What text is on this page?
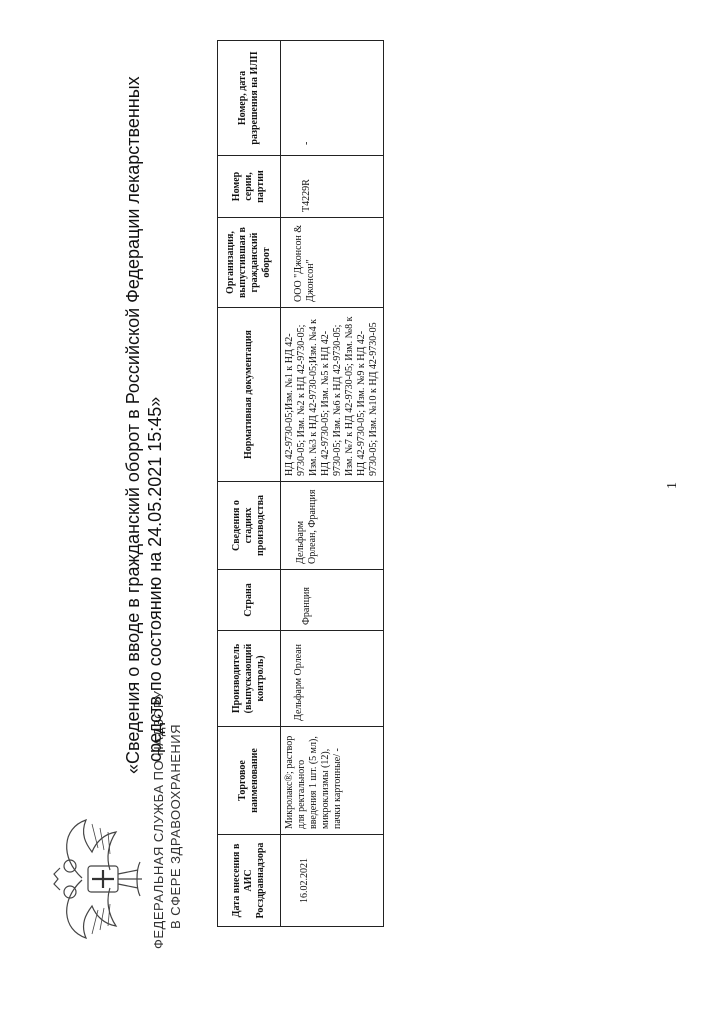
ФЕДЕРАЛЬНАЯ СЛУЖБА ПО НАДЗОРУ В СФЕРЕ ЗДРАВООХРАНЕНИЯ
«Сведения о вводе в гражданский оборот в Российской Федерации лекарственных средств по состоянию на 24.05.2021 15:45»
Дата внесения в АИС Росздравнадзора	Торговое наименование	Производитель (выпускающий контроль)	Страна	Сведения о стадиях производства	Нормативная документация	Организация, выпустившая в гражданский оборот	Номер серии, партии	Номер, дата разрешения на ИЛП
16.02.2021	Микролакс®; раствор для ректального введения 1 шт. (5 мл), микроклизмы (12), пачки картонные/ -	Дельфарм Орлеан	Франция	Дельфарм Орлеан, Франция	НД 42-9730-05;Изм. №1 к НД 42-9730-05; Изм. №2 к НД 42-9730-05; Изм. №3 к НД 42-9730-05;Изм. №4 к НД 42-9730-05; Изм. №5 к НД 42-9730-05; Изм. №6 к НД 42-9730-05; Изм. №7 к НД 42-9730-05; Изм. №8 к НД 42-9730-05; Изм. №9 к НД 42-9730-05; Изм. №10 к НД 42-9730-05	ООО "Джонсон & Джонсон"	T4229R	-
1
